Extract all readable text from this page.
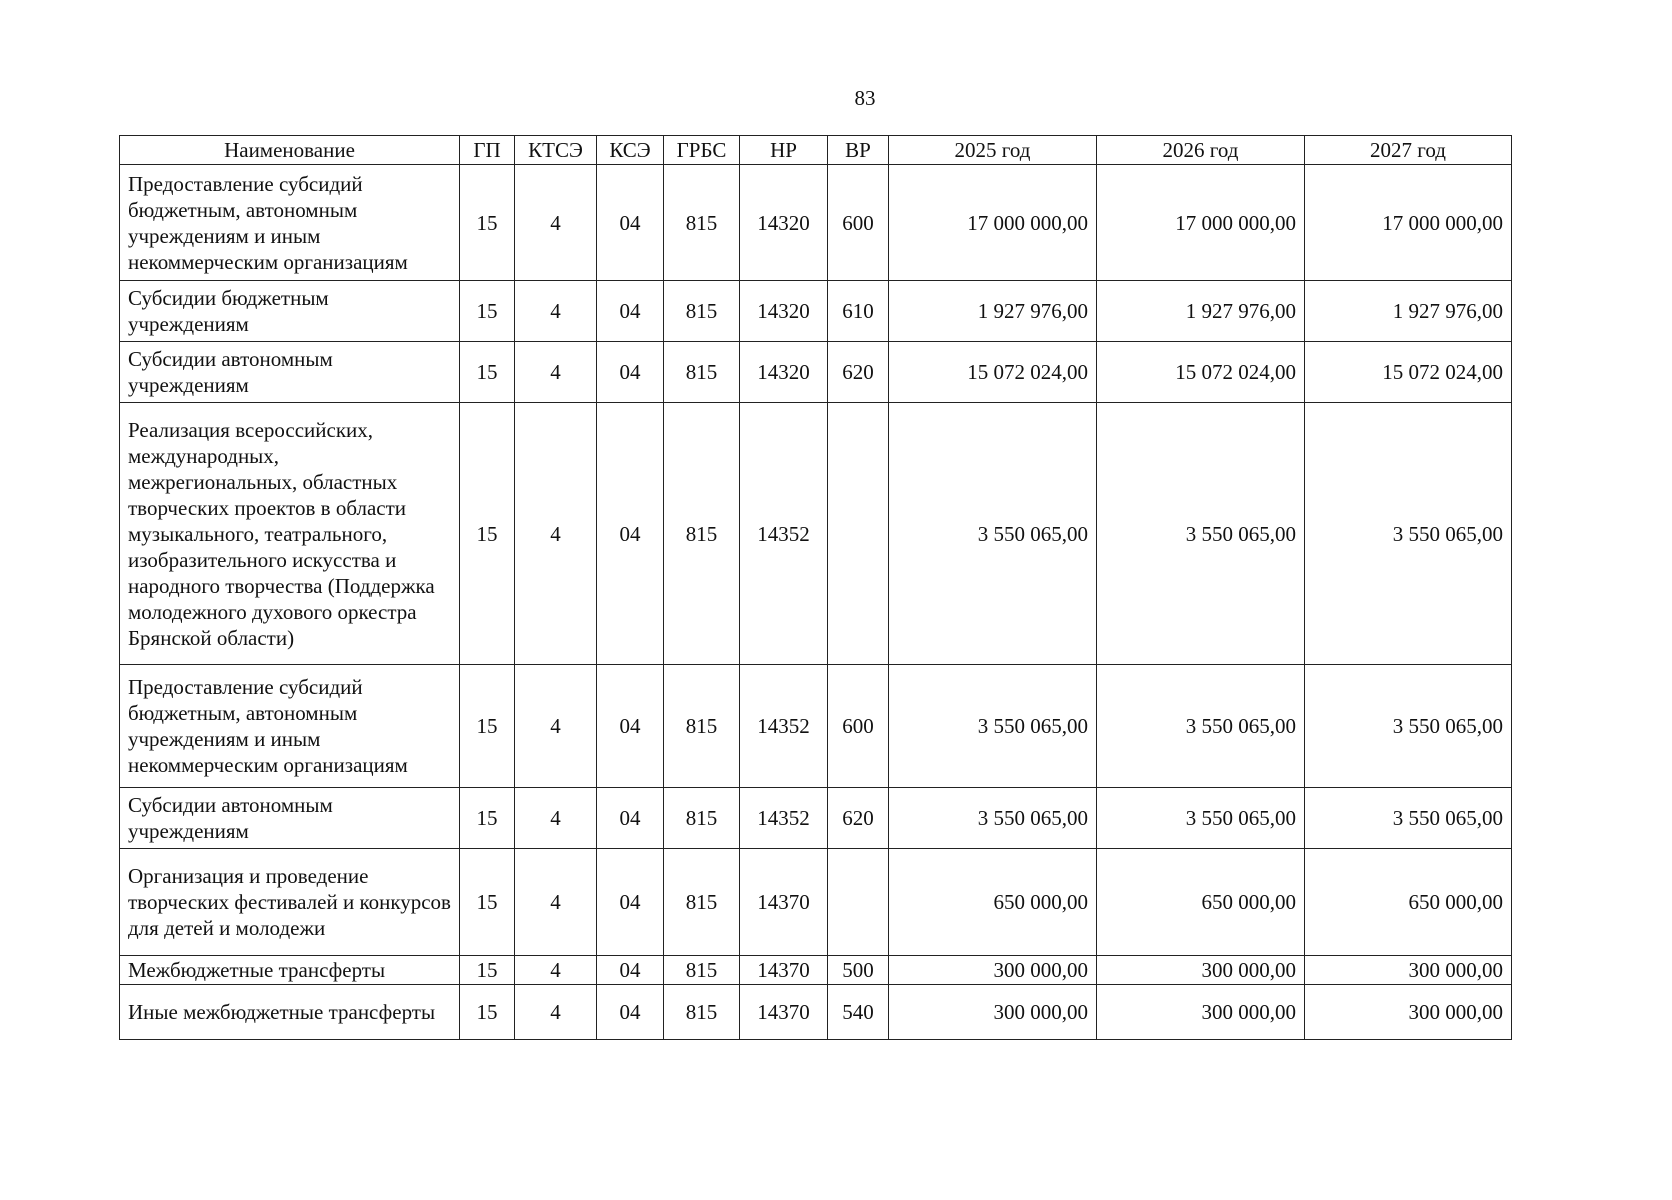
83
Наименование	ГП	КТСЭ	КСЭ	ГРБС	НР	ВР	2025 год	2026 год	2027 год
Предоставление субсидий бюджетным, автономным учреждениям и иным некоммерческим организациям	15	4	04	815	14320	600	17 000 000,00	17 000 000,00	17 000 000,00
Субсидии бюджетным учреждениям	15	4	04	815	14320	610	1 927 976,00	1 927 976,00	1 927 976,00
Субсидии автономным учреждениям	15	4	04	815	14320	620	15 072 024,00	15 072 024,00	15 072 024,00
Реализация всероссийских, международных, межрегиональных, областных творческих проектов в области музыкального, театрального, изобразительного искусства и народного творчества (Поддержка молодежного духового оркестра Брянской области)	15	4	04	815	14352		3 550 065,00	3 550 065,00	3 550 065,00
Предоставление субсидий бюджетным, автономным учреждениям и иным некоммерческим организациям	15	4	04	815	14352	600	3 550 065,00	3 550 065,00	3 550 065,00
Субсидии автономным учреждениям	15	4	04	815	14352	620	3 550 065,00	3 550 065,00	3 550 065,00
Организация и проведение творческих фестивалей и конкурсов для детей и молодежи	15	4	04	815	14370		650 000,00	650 000,00	650 000,00
Межбюджетные трансферты	15	4	04	815	14370	500	300 000,00	300 000,00	300 000,00
Иные межбюджетные трансферты	15	4	04	815	14370	540	300 000,00	300 000,00	300 000,00
